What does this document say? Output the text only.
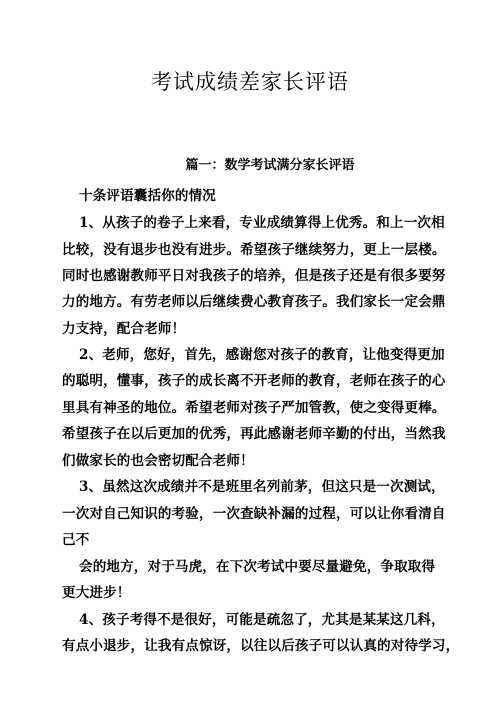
考试成绩差家长评语
篇一：数学考试满分家长评语
十条评语囊括你的情况
1、从孩子的卷子上来看，专业成绩算得上优秀。和上一次相
比较，没有退步也没有进步。希望孩子继续努力，更上一层楼。
同时也感谢教师平日对我孩子的培养，但是孩子还是有很多要努
力的地方。有劳老师以后继续费心教育孩子。我们家长一定会鼎
力支持，配合老师！
2、老师，您好，首先，感谢您对孩子的教育，让他变得更加
的聪明，懂事，孩子的成长离不开老师的教育，老师在孩子的心
里具有神圣的地位。希望老师对孩子严加管教，使之变得更棒。
希望孩子在以后更加的优秀，再此感谢老师辛勤的付出，当然我
们做家长的也会密切配合老师！
3、虽然这次成绩并不是班里名列前茅，但这只是一次测试，
一次对自己知识的考验，一次查缺补漏的过程，可以让你看清自
己不
会的地方，对于马虎，在下次考试中要尽量避免，争取取得
更大进步！
4、孩子考得不是很好，可能是疏忽了，尤其是某某这几科，
有点小退步，让我有点惊讶，以往以后孩子可以认真的对待学习，
